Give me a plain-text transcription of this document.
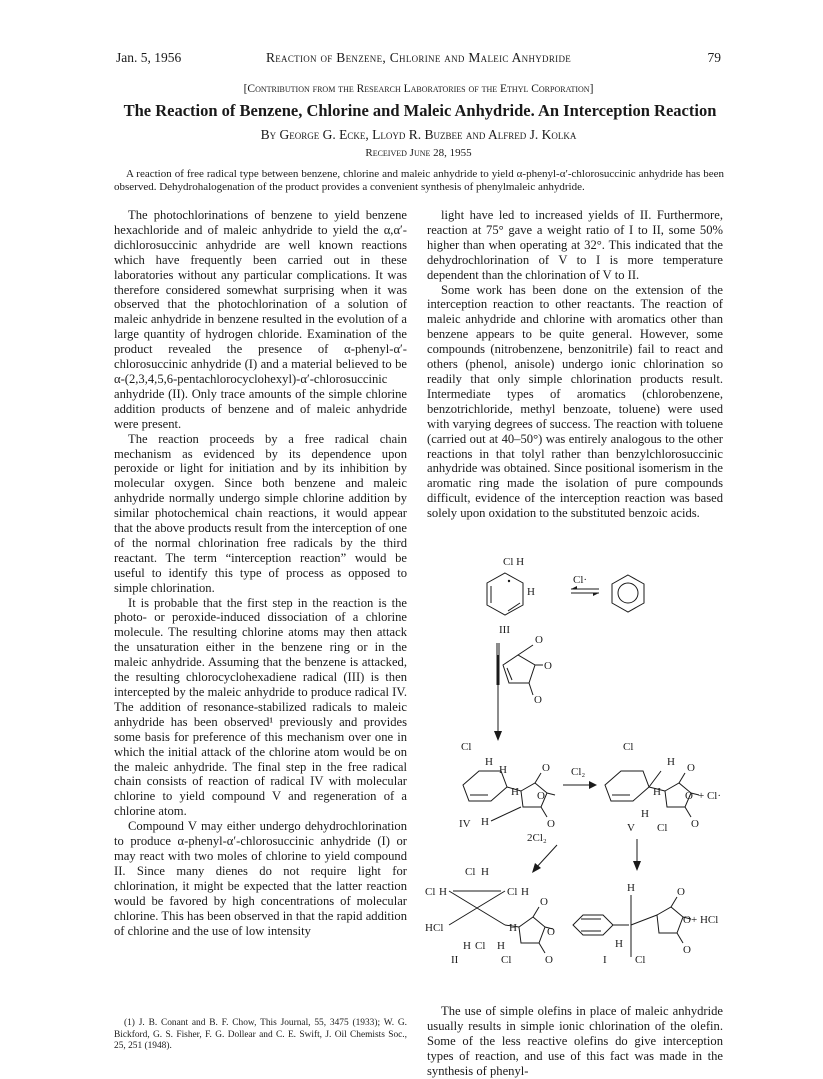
Jan. 5, 1956	Reaction of Benzene, Chlorine and Maleic Anhydride	79
[Contribution from the Research Laboratories of the Ethyl Corporation]
The Reaction of Benzene, Chlorine and Maleic Anhydride. An Interception Reaction
By George G. Ecke, Lloyd R. Buzbee and Alfred J. Kolka
Received June 28, 1955
A reaction of free radical type between benzene, chlorine and maleic anhydride to yield α-phenyl-α′-chlorosuccinic anhydride has been observed. Dehydrohalogenation of the product provides a convenient synthesis of phenylmaleic anhydride.

The photochlorinations of benzene to yield benzene hexachloride and of maleic anhydride to yield the α,α′-dichlorosuccinic anhydride are well known reactions which have frequently been carried out in these laboratories without any particular complications. It was therefore considered somewhat surprising when it was observed that the photochlorination of a solution of maleic anhydride in benzene resulted in the evolution of a large quantity of hydrogen chloride. Examination of the product revealed the presence of α-phenyl-α′-chlorosuccinic anhydride (I) and a material believed to be α-(2,3,4,5,6-pentachlorocyclohexyl)-α′-chlorosuccinic anhydride (II). Only trace amounts of the simple chlorine addition products of benzene and of maleic anhydride were present.

The reaction proceeds by a free radical chain mechanism as evidenced by its dependence upon peroxide or light for initiation and by its inhibition by molecular oxygen. Since both benzene and maleic anhydride normally undergo simple chlorine addition by similar photochemical chain reactions, it would appear that the above products result from the interception of one of the normal chlorination free radicals by the third reactant. The term “interception reaction” would be useful to identify this type of process as opposed to simple chlorination.

It is probable that the first step in the reaction is the photo- or peroxide-induced dissociation of a chlorine molecule. The resulting chlorine atoms may then attack the unsaturation either in the benzene ring or in the maleic anhydride. Assuming that the benzene is attacked, the resulting chlorocyclohexadiene radical (III) is then intercepted by the maleic anhydride to produce radical IV. The addition of resonance-stabilized radicals to maleic anhydride has been observed¹ previously and provides some basis for preference of this mechanism over one in which the initial attack of the chlorine atom would be on the maleic anhydride. The final step in the free radical chain consists of reaction of radical IV with molecular chlorine to yield compound V and regeneration of a chlorine atom.

Compound V may either undergo dehydrochlorination to produce α-phenyl-α′-chlorosuccinic anhydride (I) or may react with two moles of chlorine to yield compound II. Since many dienes do not require light for chlorination, it might be expected that the latter reaction would be favored by high concentrations of molecular chlorine. This has been observed in that the rapid addition of chlorine and the use of low intensity

(1) J. B. Conant and B. F. Chow, This Journal, 55, 3475 (1933); W. G. Bickford, G. S. Fisher, F. G. Dollear and C. E. Swift, J. Oil Chemists Soc., 25, 251 (1948).

light have led to increased yields of II. Furthermore, reaction at 75° gave a weight ratio of I to II, some 50% higher than when operating at 32°. This indicated that the dehydrochlorination of V to I is more temperature dependent than the chlorination of V to II.

Some work has been done on the extension of the interception reaction to other reactants. The reaction of maleic anhydride and chlorine with aromatics other than benzene appears to be quite general. However, some compounds (nitrobenzene, benzonitrile) fail to react and others (phenol, anisole) undergo ionic chlorination so readily that only simple chlorination products result. Intermediate types of aromatics (chlorobenzene, benzotrichloride, methyl benzoate, toluene) were used with varying degrees of success. The reaction with toluene (carried out at 40–50°) was entirely analogous to the other reactions in that tolyl rather than benzylchlorosuccinic anhydride was obtained. Since positional isomerism in the aromatic ring made the isolation of pure compounds difficult, evidence of the interception reaction was based solely upon oxidation to the substituted benzoic acids.

Cl H
H
III
Cl·
O
O
O
Cl
H
H	O
O
O
H
H
IV
Cl₂
Cl
H O
O
O
H
H
Cl
+ Cl·
V
2Cl₂
Cl H
Cl H	Cl H
H Cl
O
O
O
H
H Cl H
Cl
II
H	O
O
O
H
Cl
+ HCl
I

The use of simple olefins in place of maleic anhydride usually results in simple ionic chlorination of the olefin. Some of the less reactive olefins do give interception types of reaction, and use of this fact was made in the synthesis of phenyl-
